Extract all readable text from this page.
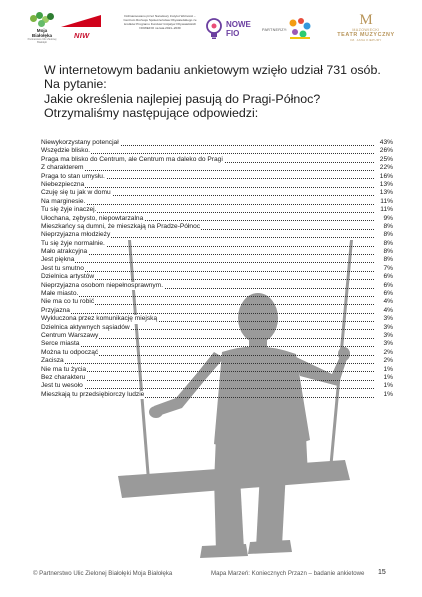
Moja Białołęka
Partnerstwo Ulic Zielonej Białołęki
NIW
Dofinansowano przez Narodowy Instytut Wolności – Centrum Rozwoju Społeczeństwa Obywatelskiego ze środków Programu Fundusz Inicjatyw Obywatelskich NOWEFIO na lata 2021–2030	NOWE
FIO	PARTNERZY:
M
MAZOWIECKI
TEATR MUZYCZNY
IM. JANA KIEPURY
W internetowym badaniu ankietowym wzięło udział 731 osób.
Na pytanie:
Jakie określenia najlepiej pasują do Pragi-Północ?
Otrzymaliśmy następujące odpowiedzi:
Niewykorzystany potencjał	43%
Wszędzie blisko.	26%
Praga ma blisko do Centrum, ale Centrum ma daleko do Pragi	25%
Z charakterem	22%
Praga to stan umysłu.	16%
Niebezpieczna	13%
Czuję się tu jak w domu	13%
Na marginesie.	11%
Tu się żyje inaczej.	11%
Ułochana, zębysto, niepowtarzalna	9%
Mieszkańcy są dumni, że mieszkają na Pradze-Północ	8%
Nieprzyjazna młodzieży	8%
Tu się żyje normalnie.	8%
Mało atrakcyjna	8%
Jest piękna	8%
Jest tu smutno	7%
Dzielnica artystów	6%
Nieprzyjazna osobom niepełnosprawnym.	6%
Małe miasto.	6%
Nie ma co tu robić	4%
Przyjazna	4%
Wykluczona przez komunikację miejską	3%
Dzielnica aktywnych sąsiadów	3%
Centrum Warszawy	3%
Serce miasta	3%
Można tu odpocząć	2%
Zacisza	2%
Nie ma tu życia	1%
Bez charakteru	1%
Jest tu wesoło	1%
Mieszkają tu przedsiębiorczy ludzie	1%
© Partnerstwo Ulic Zielonej Białołęki Moja Białołęka	Mapa Marzeń: Koniecznych Przazn – badanie ankietowe 15
